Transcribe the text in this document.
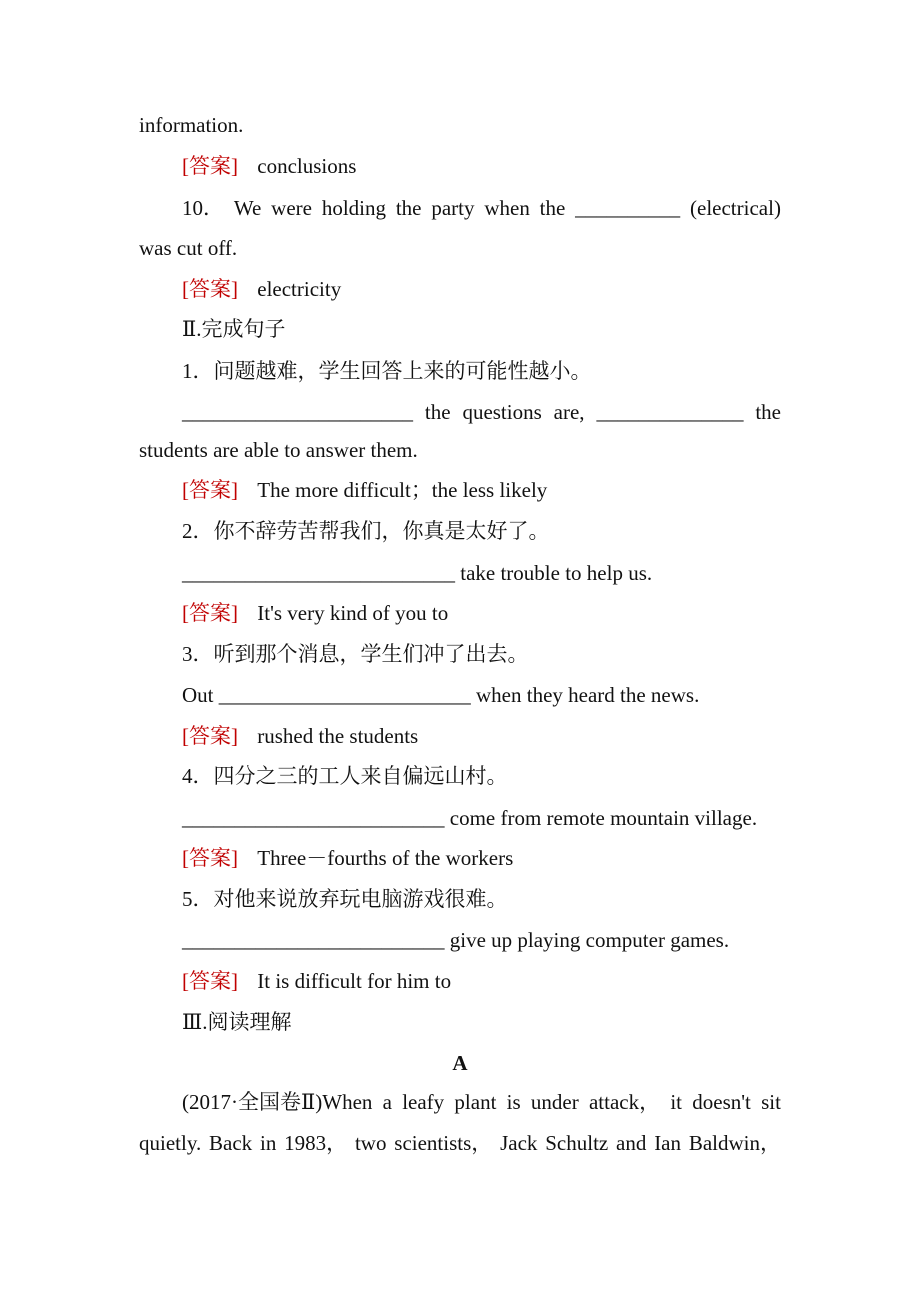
information.
[答案] conclusions
10． We were holding the party when the __________ (electrical)
was cut off.
[答案] electricity
Ⅱ.完成句子
1．问题越难，学生回答上来的可能性越小。
______________________ the questions are, ______________ the
students are able to answer them.
[答案] The more difficult；the less likely
2．你不辞劳苦帮我们，你真是太好了。
__________________________ take trouble to help us.
[答案] It's very kind of you to
3．听到那个消息，学生们冲了出去。
Out ________________________ when they heard the news.
[答案] rushed the students
4．四分之三的工人来自偏远山村。
_________________________ come from remote mountain village.
[答案] Three－fourths of the workers
5．对他来说放弃玩电脑游戏很难。
_________________________ give up playing computer games.
[答案] It is difficult for him to
Ⅲ.阅读理解
A
(2017·全国卷Ⅱ)When a leafy plant is under attack， it doesn't sit
quietly. Back in 1983， two scientists， Jack Schultz and Ian Baldwin，
